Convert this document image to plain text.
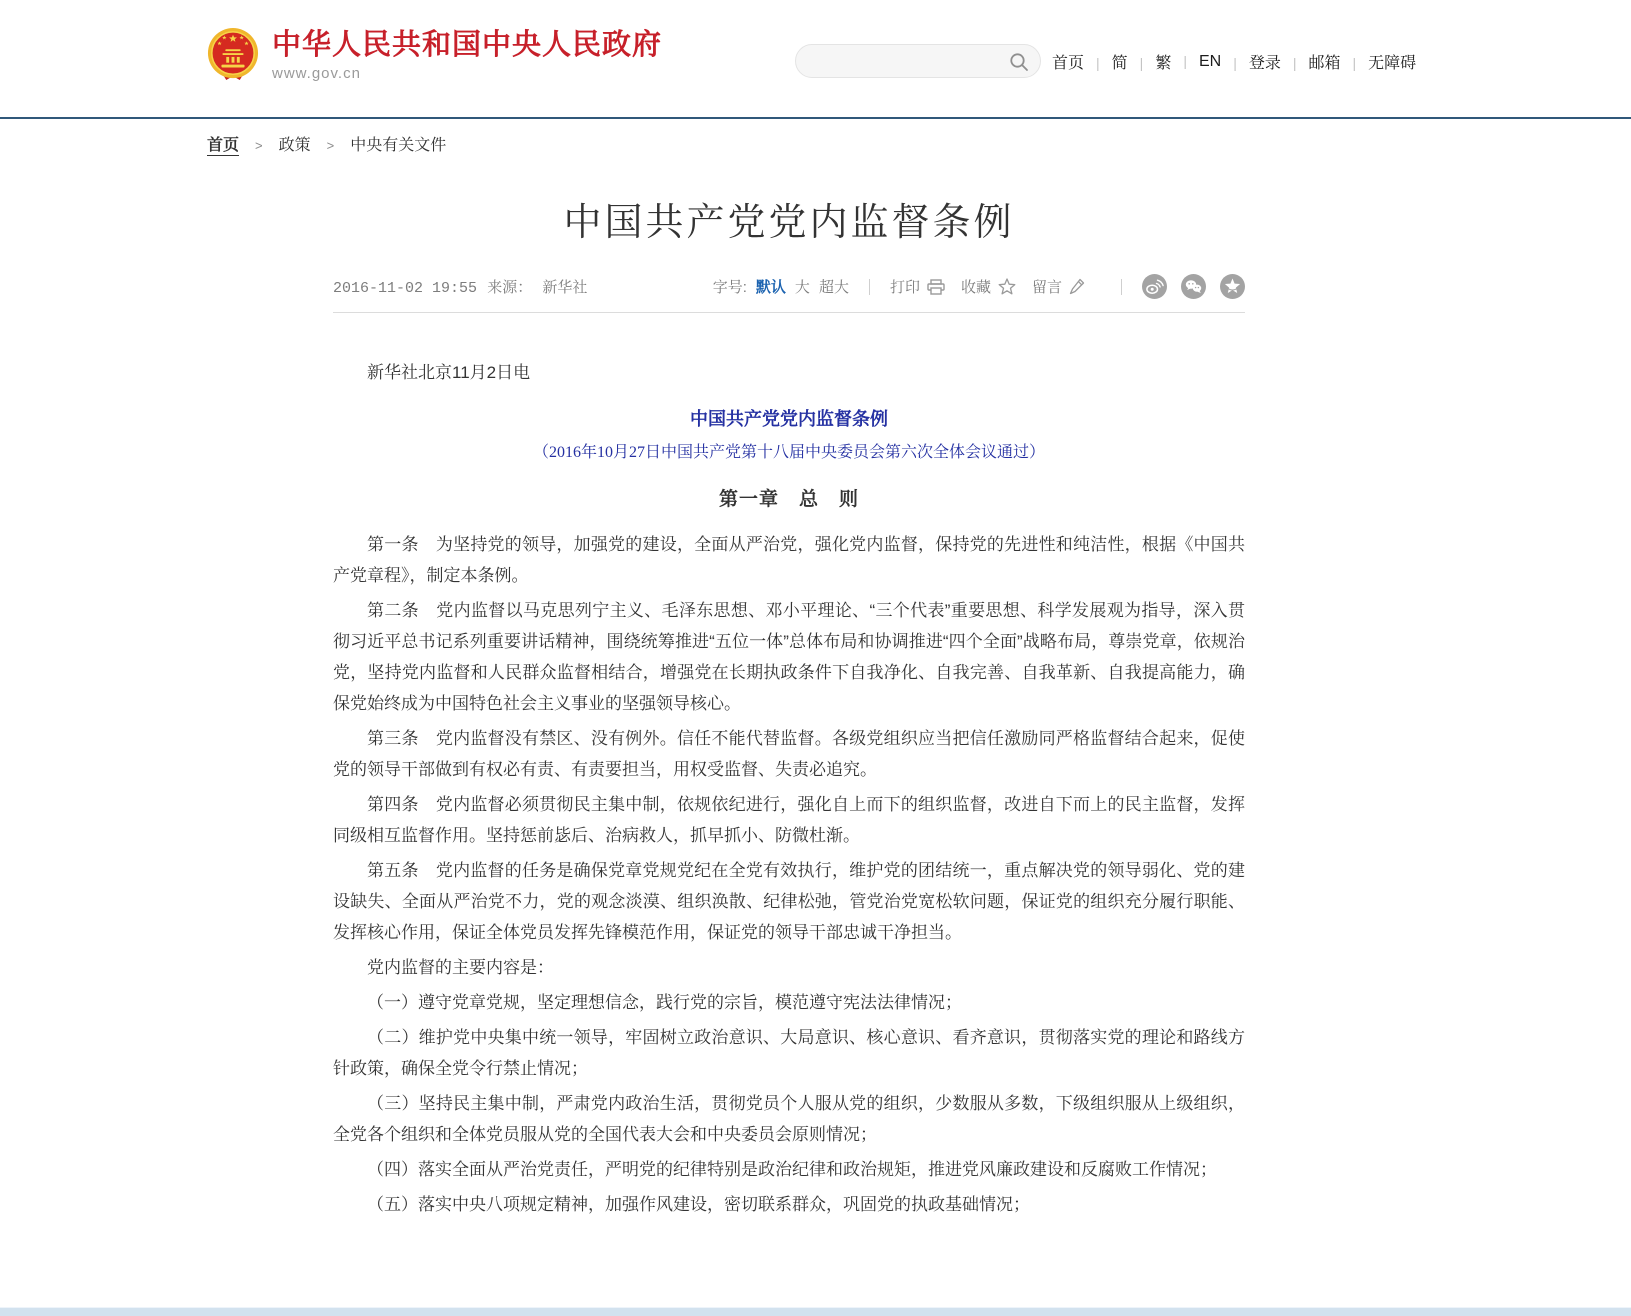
中华人民共和国中央人民政府
www.gov.cn
首页	| 简	| 繁	| EN	| 登录	| 邮箱	| 无障碍
首页 > 政策 > 中央有关文件
中国共产党党内监督条例
2016-11-02 19:55 来源： 新华社	字号: 默认 大 超大	打印	收藏	留言

新华社北京11月2日电

中国共产党党内监督条例

（2016年10月27日中国共产党第十八届中央委员会第六次全体会议通过）

第一章　总　则

第一条　为坚持党的领导，加强党的建设，全面从严治党，强化党内监督，保持党的先进性和纯洁性，根据《中国共产党章程》，制定本条例。

第二条　党内监督以马克思列宁主义、毛泽东思想、邓小平理论、“三个代表”重要思想、科学发展观为指导，深入贯彻习近平总书记系列重要讲话精神，围绕统筹推进“五位一体”总体布局和协调推进“四个全面”战略布局，尊崇党章，依规治党，坚持党内监督和人民群众监督相结合，增强党在长期执政条件下自我净化、自我完善、自我革新、自我提高能力，确保党始终成为中国特色社会主义事业的坚强领导核心。

第三条　党内监督没有禁区、没有例外。信任不能代替监督。各级党组织应当把信任激励同严格监督结合起来，促使党的领导干部做到有权必有责、有责要担当，用权受监督、失责必追究。

第四条　党内监督必须贯彻民主集中制，依规依纪进行，强化自上而下的组织监督，改进自下而上的民主监督，发挥同级相互监督作用。坚持惩前毖后、治病救人，抓早抓小、防微杜渐。

第五条　党内监督的任务是确保党章党规党纪在全党有效执行，维护党的团结统一，重点解决党的领导弱化、党的建设缺失、全面从严治党不力，党的观念淡漠、组织涣散、纪律松弛，管党治党宽松软问题，保证党的组织充分履行职能、发挥核心作用，保证全体党员发挥先锋模范作用，保证党的领导干部忠诚干净担当。

党内监督的主要内容是：

（一）遵守党章党规，坚定理想信念，践行党的宗旨，模范遵守宪法法律情况；

（二）维护党中央集中统一领导，牢固树立政治意识、大局意识、核心意识、看齐意识，贯彻落实党的理论和路线方针政策，确保全党令行禁止情况；

（三）坚持民主集中制，严肃党内政治生活，贯彻党员个人服从党的组织，少数服从多数，下级组织服从上级组织，全党各个组织和全体党员服从党的全国代表大会和中央委员会原则情况；

（四）落实全面从严治党责任，严明党的纪律特别是政治纪律和政治规矩，推进党风廉政建设和反腐败工作情况；

（五）落实中央八项规定精神，加强作风建设，密切联系群众，巩固党的执政基础情况；
